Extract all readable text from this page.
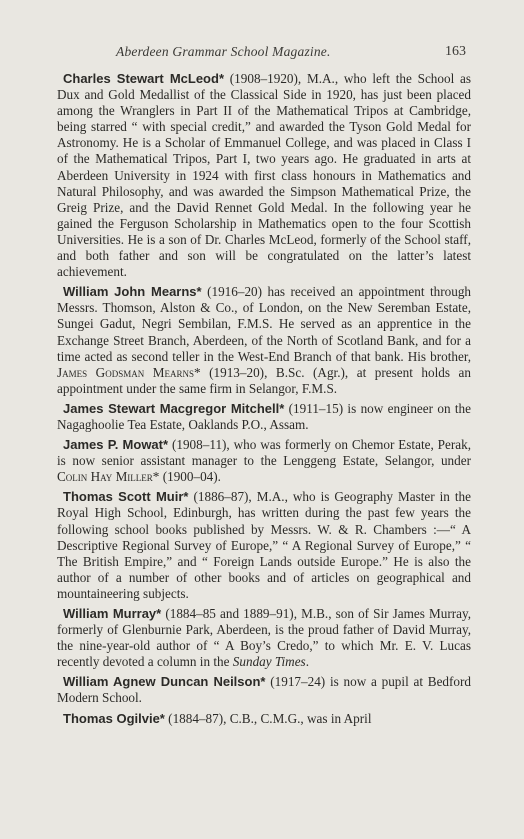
Aberdeen Grammar School Magazine.	163

Charles Stewart McLeod* (1908–1920), M.A., who left the School as Dux and Gold Medallist of the Classical Side in 1920, has just been placed among the Wranglers in Part II of the Mathematical Tripos at Cambridge, being starred “ with special credit,” and awarded the Tyson Gold Medal for Astronomy. He is a Scholar of Emmanuel College, and was placed in Class I of the Mathematical Tripos, Part I, two years ago. He graduated in arts at Aberdeen University in 1924 with first class honours in Mathematics and Natural Philosophy, and was awarded the Simpson Mathematical Prize, the Greig Prize, and the David Rennet Gold Medal. In the following year he gained the Ferguson Scholarship in Mathematics open to the four Scottish Universities. He is a son of Dr. Charles McLeod, formerly of the School staff, and both father and son will be congratulated on the latter’s latest achievement.

William John Mearns* (1916–20) has received an appointment through Messrs. Thomson, Alston & Co., of London, on the New Seremban Estate, Sungei Gadut, Negri Sembilan, F.M.S. He served as an apprentice in the Exchange Street Branch, Aberdeen, of the North of Scotland Bank, and for a time acted as second teller in the West-End Branch of that bank. His brother, James Godsman Mearns* (1913–20), B.Sc. (Agr.), at present holds an appointment under the same firm in Selangor, F.M.S.

James Stewart Macgregor Mitchell* (1911–15) is now engineer on the Nagaghoolie Tea Estate, Oaklands P.O., Assam.

James P. Mowat* (1908–11), who was formerly on Chemor Estate, Perak, is now senior assistant manager to the Lenggeng Estate, Selangor, under Colin Hay Miller* (1900–04).

Thomas Scott Muir* (1886–87), M.A., who is Geography Master in the Royal High School, Edinburgh, has written during the past few years the following school books published by Messrs. W. & R. Chambers :—“ A Descriptive Regional Survey of Europe,” “ A Regional Survey of Europe,” “ The British Empire,” and “ Foreign Lands outside Europe.” He is also the author of a number of other books and of articles on geographical and mountaineering subjects.

William Murray* (1884–85 and 1889–91), M.B., son of Sir James Murray, formerly of Glenburnie Park, Aberdeen, is the proud father of David Murray, the nine-year-old author of “ A Boy’s Credo,” to which Mr. E. V. Lucas recently devoted a column in the Sunday Times.

William Agnew Duncan Neilson* (1917–24) is now a pupil at Bedford Modern School.

Thomas Ogilvie* (1884–87), C.B., C.M.G., was in April
